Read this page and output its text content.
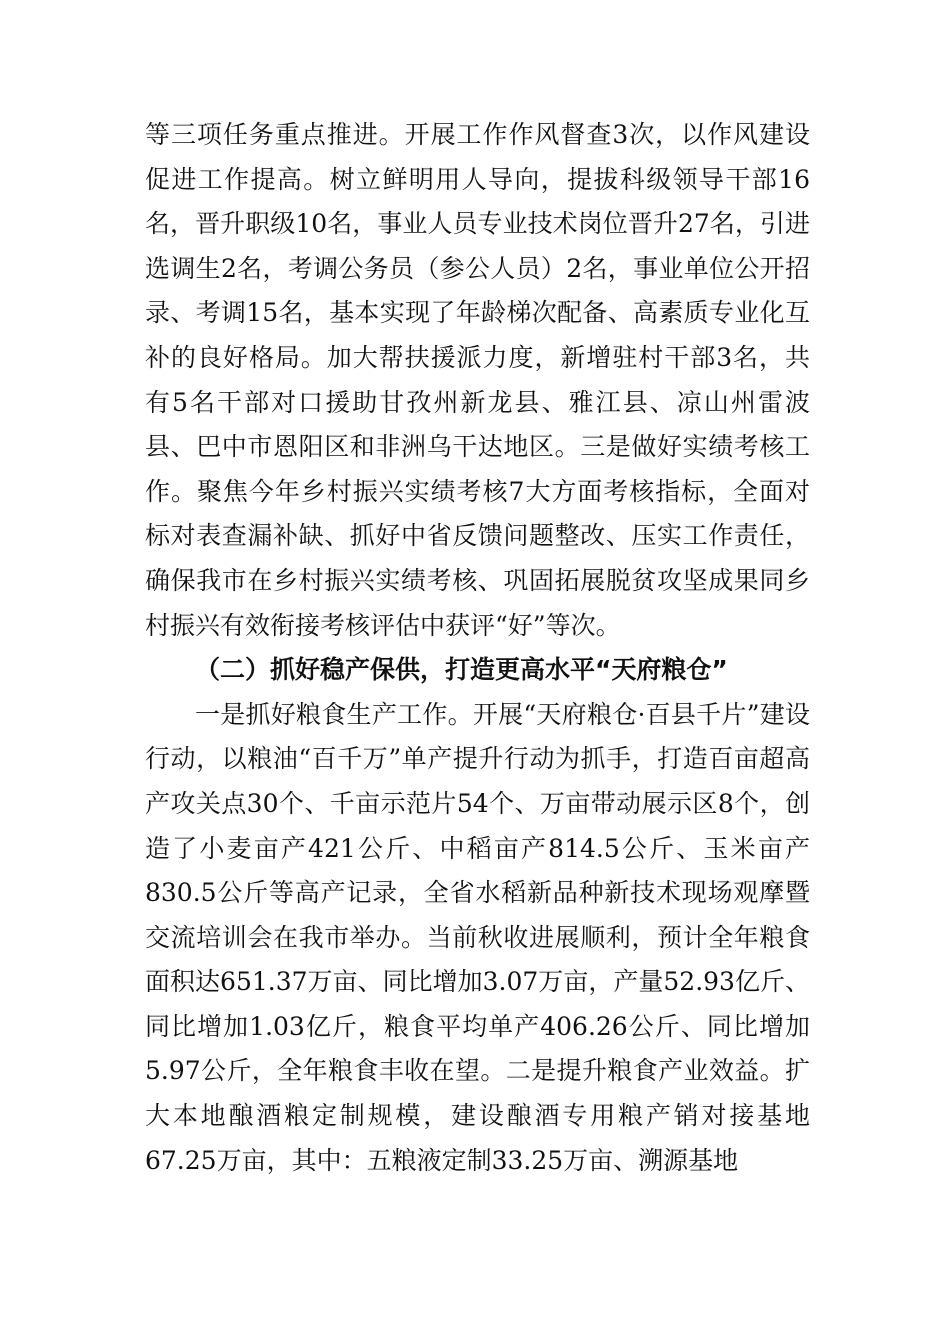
等三项任务重点推进。开展工作作风督查3次，以作风建设促进工作提高。树立鲜明用人导向，提拔科级领导干部16名，晋升职级10名，事业人员专业技术岗位晋升27名，引进选调生2名，考调公务员（参公人员）2名，事业单位公开招录、考调15名，基本实现了年龄梯次配备、高素质专业化互补的良好格局。加大帮扶援派力度，新增驻村干部3名，共有5名干部对口援助甘孜州新龙县、雅江县、凉山州雷波县、巴中市恩阳区和非洲乌干达地区。三是做好实绩考核工作。聚焦今年乡村振兴实绩考核7大方面考核指标，全面对标对表查漏补缺、抓好中省反馈问题整改、压实工作责任，确保我市在乡村振兴实绩考核、巩固拓展脱贫攻坚成果同乡村振兴有效衔接考核评估中获评“好”等次。

（二）抓好稳产保供，打造更高水平“天府粮仓”

一是抓好粮食生产工作。开展“天府粮仓·百县千片”建设行动，以粮油“百千万”单产提升行动为抓手，打造百亩超高产攻关点30个、千亩示范片54个、万亩带动展示区8个，创造了小麦亩产421公斤、中稻亩产814.5公斤、玉米亩产830.5公斤等高产记录，全省水稻新品种新技术现场观摩暨交流培训会在我市举办。当前秋收进展顺利，预计全年粮食面积达651.37万亩、同比增加3.07万亩，产量52.93亿斤、同比增加1.03亿斤，粮食平均单产406.26公斤、同比增加5.97公斤，全年粮食丰收在望。二是提升粮食产业效益。扩大本地酿酒粮定制规模，建设酿酒专用粮产销对接基地67.25万亩，其中：五粮液定制33.25万亩、溯源基地
